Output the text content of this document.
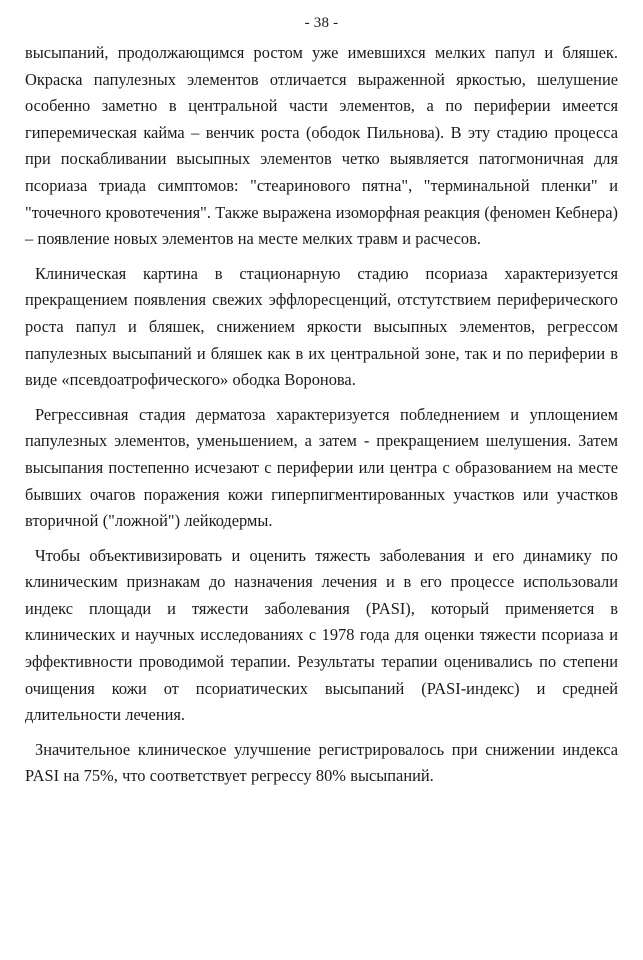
- 38 -

высыпаний, продолжающимся ростом уже имевшихся мелких папул и бляшек. Окраска папулезных элементов отличается выраженной яркостью, шелушение особенно заметно в центральной части элементов, а по периферии имеется гиперемическая кайма – венчик роста (ободок Пильнова). В эту стадию процесса при поскабливании высыпных элементов четко выявляется патогмоничная для псориаза триада симптомов: "стеаринового пятна", "терминальной пленки" и "точечного кровотечения". Также выражена изоморфная реакция (феномен Кебнера) – появление новых элементов на месте мелких травм и расчесов.

Клиническая картина в стационарную стадию псориаза характеризуется прекращением появления свежих эффлоресценций, отстутствием периферического роста папул и бляшек, снижением яркости высыпных элементов, регрессом папулезных высыпаний и бляшек как в их центральной зоне, так и по периферии в виде «псевдоатрофического» ободка Воронова.

Регрессивная стадия дерматоза характеризуется побледнением и уплощением папулезных элементов, уменьшением, а затем - прекращением шелушения. Затем высыпания постепенно исчезают с периферии или центра с образованием на месте бывших очагов поражения кожи гиперпигментированных участков или участков вторичной ("ложной") лейкодермы.

Чтобы объективизировать и оценить тяжесть заболевания и его динамику по клиническим признакам до назначения лечения и в его процессе использовали индекс площади и тяжести заболевания (PASI), который применяется в клинических и научных исследованиях с 1978 года для оценки тяжести псориаза и эффективности проводимой терапии. Результаты терапии оценивались по степени очищения кожи от псориатических высыпаний (PASI-индекс) и средней длительности лечения.

Значительное клиническое улучшение регистрировалось при снижении индекса PASI на 75%, что соответствует регрессу 80% высыпаний.
